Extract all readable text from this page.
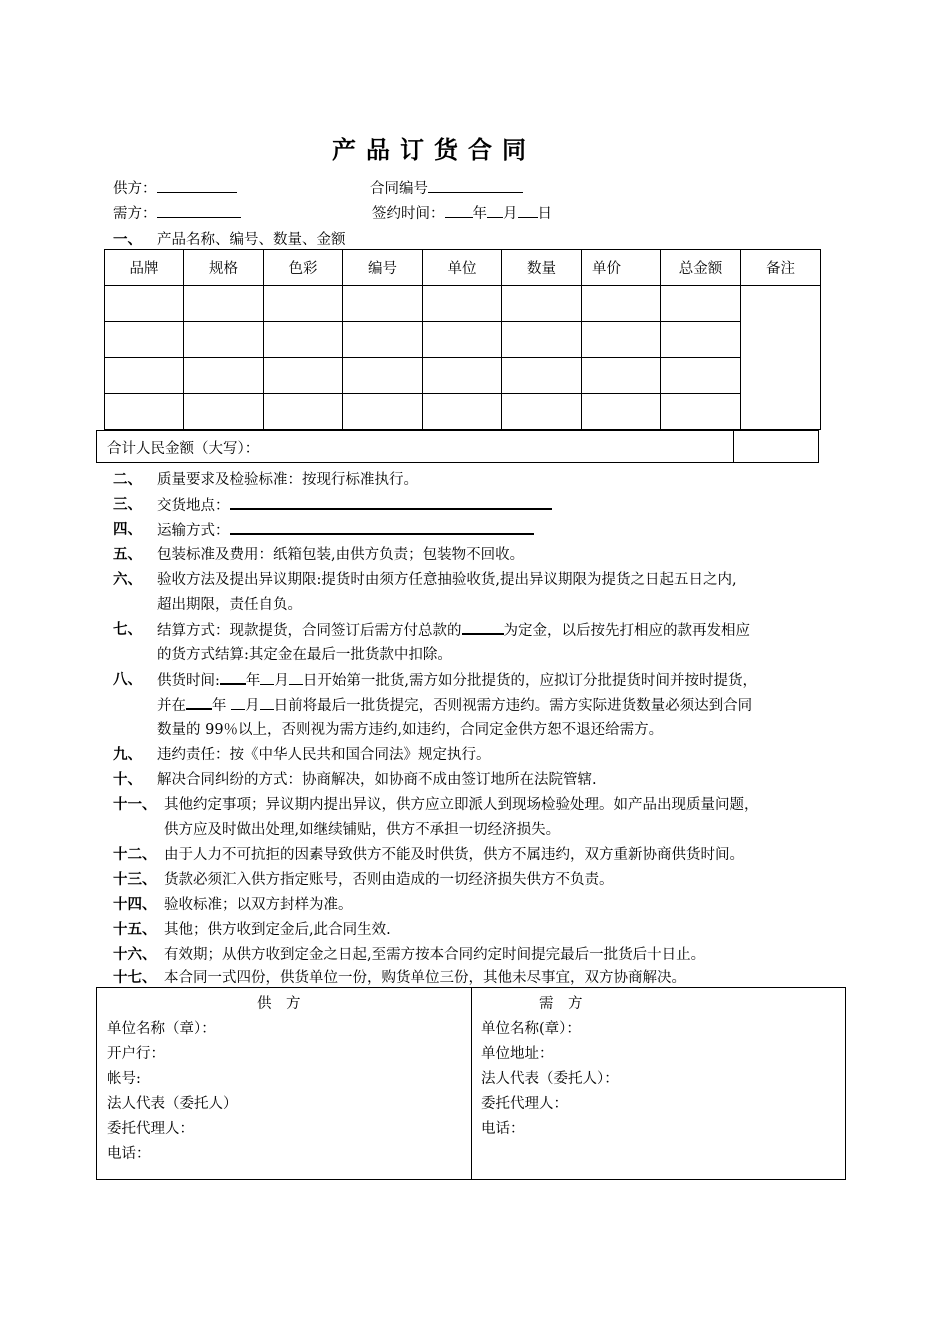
产品订货合同
供方：	合同编号
需方：	签约时间： 年 月 日
一、 产品名称、编号、数量、金额
品牌	规格	色彩	编号	单位	数量	单价	总金额	备注

合计人民金额（大写）：
二、 质量要求及检验标准：按现行标准执行。
三、 交货地点：
四、 运输方式：
五、 包装标准及费用：纸箱包装,由供方负责；包装物不回收。
六、 验收方法及提出异议期限:提货时由须方任意抽验收货,提出异议期限为提货之日起五日之内,
超出期限，责任自负。
七、 结算方式：现款提货，合同签订后需方付总款的	为定金，以后按先打相应的款再发相应
的货方式结算:其定金在最后一批货款中扣除。
八、 供货时间: 年 月 日开始第一批货,需方如分批提货的，应拟订分批提货时间并按时提货，
并在 年 月 日前将最后一批货提完，否则视需方违约。需方实际进货数量必须达到合同
数量的 99％以上，否则视为需方违约,如违约，合同定金供方恕不退还给需方。
九、 违约责任：按《中华人民共和国合同法》规定执行。
十、 解决合同纠纷的方式：协商解决，如协商不成由签订地所在法院管辖.
十一、 其他约定事项；异议期内提出异议，供方应立即派人到现场检验处理。如产品出现质量问题，
供方应及时做出处理,如继续铺贴，供方不承担一切经济损失。
十二、 由于人力不可抗拒的因素导致供方不能及时供货，供方不属违约，双方重新协商供货时间。
十三、 货款必须汇入供方指定账号，否则由造成的一切经济损失供方不负责。
十四、 验收标准；以双方封样为准。
十五、 其他；供方收到定金后,此合同生效.
十六、 有效期；从供方收到定金之日起,至需方按本合同约定时间提完最后一批货后十日止。
十七、 本合同一式四份，供货单位一份，购货单位三份，其他未尽事宜，双方协商解决。
供　方
单位名称（章）：
开户行：
帐号:
法人代表（委托人）
委托代理人：
电话：
需　方
单位名称(章）：
单位地址：
法人代表（委托人）：
委托代理人：
电话：
